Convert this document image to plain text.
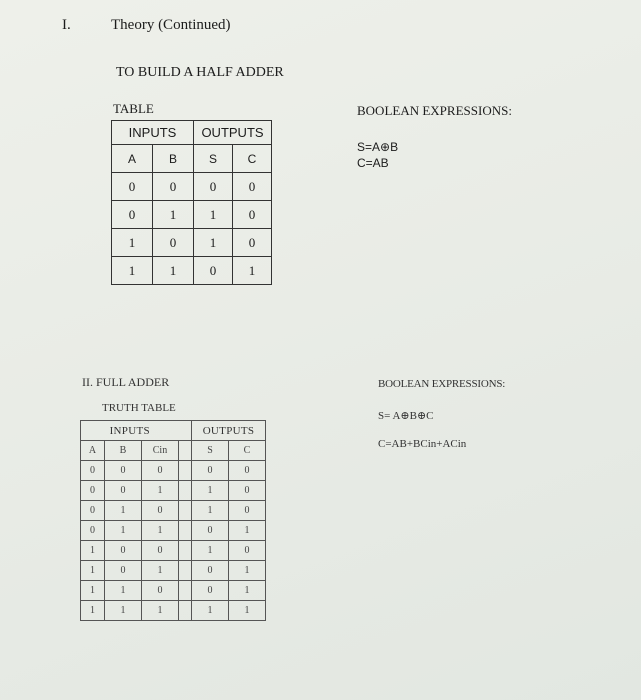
I.	Theory (Continued)
TO BUILD A HALF ADDER
TABLE
INPUTS		OUTPUTS	
A	B	S	C
0	0	0	0
0	1	1	0
1	0	1	0
1	1	0	1
BOOLEAN EXPRESSIONS:
S=A⊕B
C=AB
II. FULL ADDER
TRUTH TABLE
INPUTS				OUTPUTS	
A	B	Cin		S	C
0	0	0		0	0
0	0	1		1	0
0	1	0		1	0
0	1	1		0	1
1	0	0		1	0
1	0	1		0	1
1	1	0		0	1
1	1	1		1	1
BOOLEAN EXPRESSIONS:
S= A⊕B⊕C
C=AB+BCin+ACin
